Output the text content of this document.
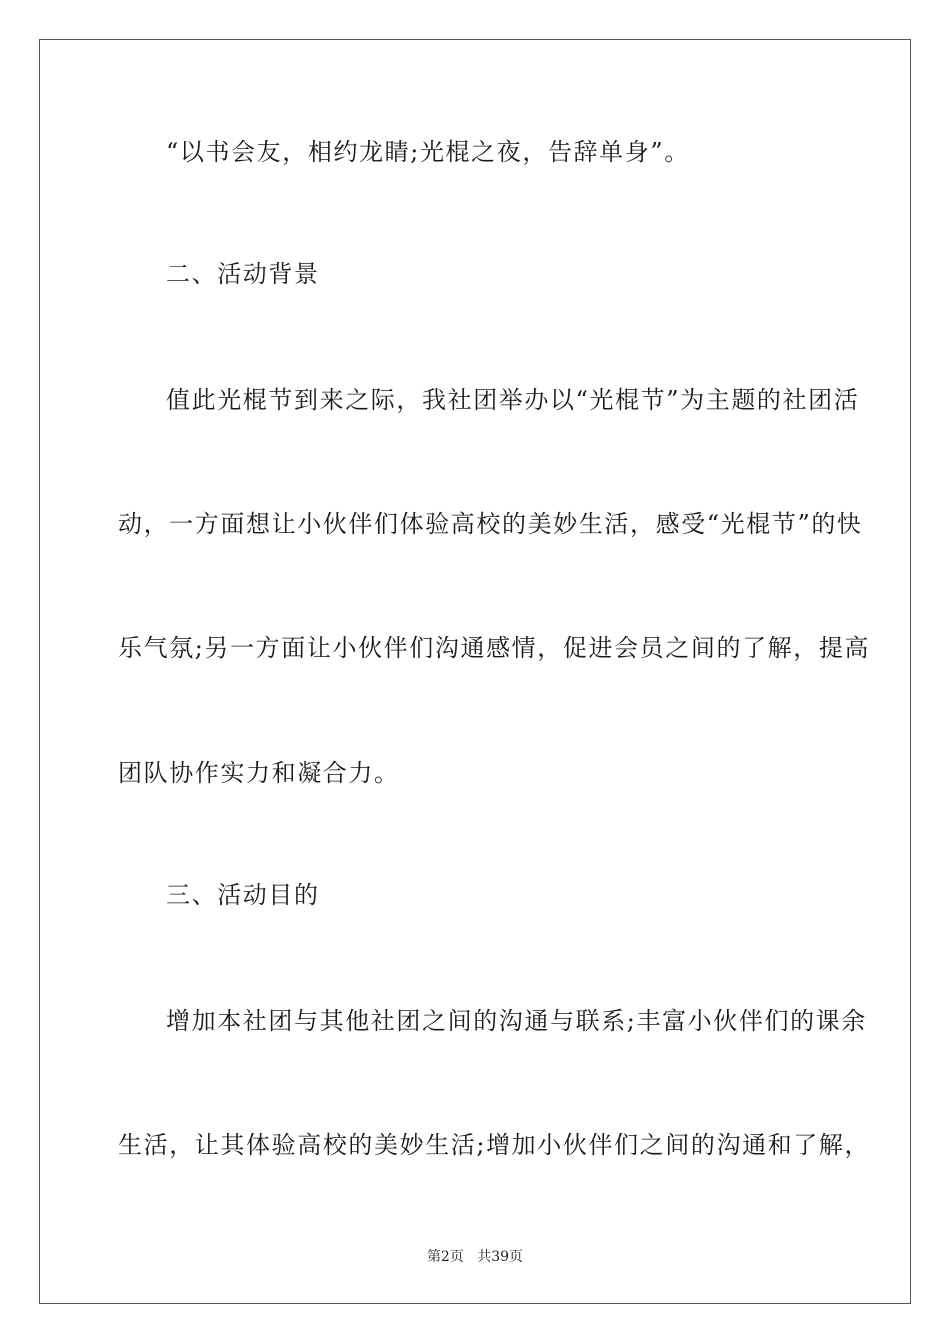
“以书会友，相约龙睛;光棍之夜，告辞单身”。
二、活动背景
值此光棍节到来之际，我社团举办以“光棍节”为主题的社团活
动，一方面想让小伙伴们体验高校的美妙生活，感受“光棍节”的快
乐气氛;另一方面让小伙伴们沟通感情，促进会员之间的了解，提高
团队协作实力和凝合力。
三、活动目的
增加本社团与其他社团之间的沟通与联系;丰富小伙伴们的课余
生活，让其体验高校的美妙生活;增加小伙伴们之间的沟通和了解，
第2页 共39页
